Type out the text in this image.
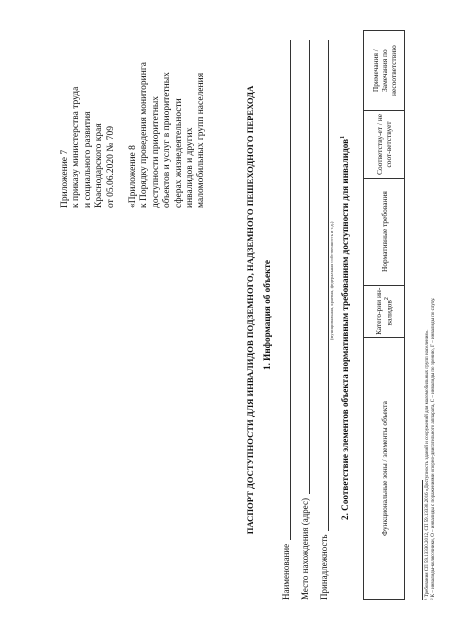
Приложение 7 к приказу министерства труда и социального развития Краснодарского края от 05.06.2020 № 709 «Приложение 8 к Порядку проведения мониторинга доступности приоритетных объектов и услуг в приоритетных сферах жизнедеятельности инвалидов и других маломобильных групп населения	ПАСПОРТ ДОСТУПНОСТИ ДЛЯ ИНВАЛИДОВ ПОДЗЕМНОГО, НАДЗЕМНОГО ПЕШЕХОДНОГО ПЕРЕХОДА 1. Информация об объекте
Наименование Место нахождения (адрес) Принадлежность
(муниципальная, краевая, федеральная собственность и т.д.) 2. Соответствие элементов объекта нормативным требованиям доступности для инвалидов$^1$
Функциональные зоны / элементы объекта	Катего-рии ин-валидов$^2$	Нормативные требования	Соответству-ет / не соот-ветствует	Примечания / Замечания по несоответствию
¹ Требования СП 59.13330.2012, СП 59.13330.2016 «Доступность зданий и сооружений для маломобильных групп населения». ² К – инвалиды-колясочники, О – инвалиды с поражениями опорно-двигательного аппарата, С – инвалиды по зрению, Г – инвалиды по слуху.
